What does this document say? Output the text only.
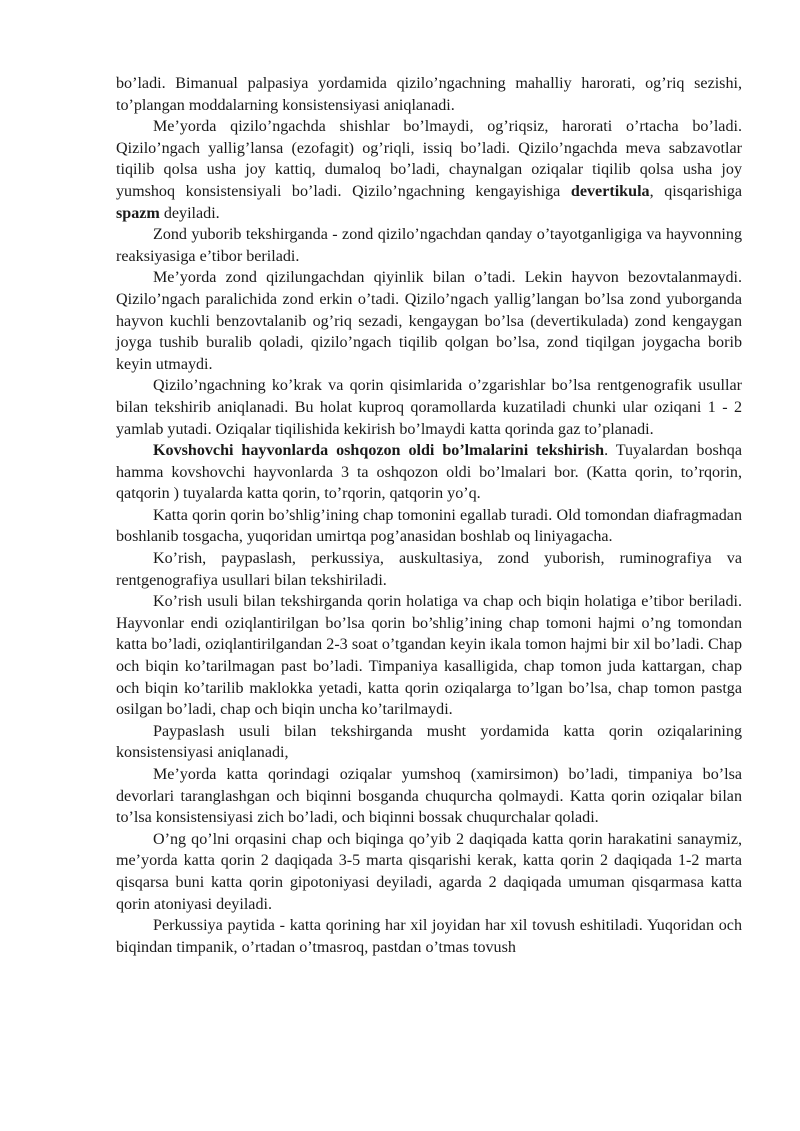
bo’ladi. Bimanual palpasiya yordamida qizilo’ngachning mahalliy harorati, og’riq sezishi, to’plangan moddalarning konsistensiyasi aniqlanadi.

Me’yorda qizilo’ngachda shishlar bo’lmaydi, og’riqsiz, harorati o’rtacha bo’ladi. Qizilo’ngach yallig’lansa (ezofagit) og’riqli, issiq bo’ladi. Qizilo’ngachda meva sabzavotlar tiqilib qolsa usha joy kattiq, dumaloq bo’ladi, chaynalgan oziqalar tiqilib qolsa usha joy yumshoq konsistensiyali bo’ladi. Qizilo’ngachning kengayishiga devertikula, qisqarishiga spazm deyiladi.

Zond yuborib tekshirganda - zond qizilo’ngachdan qanday o’tayotganligiga va hayvonning reaksiyasiga e’tibor beriladi.

Me’yorda zond qizilungachdan qiyinlik bilan o’tadi. Lekin hayvon bezovtalanmaydi. Qizilo’ngach paralichida zond erkin o’tadi. Qizilo’ngach yallig’langan bo’lsa zond yuborganda hayvon kuchli benzovtalanib og’riq sezadi, kengaygan bo’lsa (devertikulada) zond kengaygan joyga tushib buralib qoladi, qizilo’ngach tiqilib qolgan bo’lsa, zond tiqilgan joygacha borib keyin utmaydi.

Qizilo’ngachning ko’krak va qorin qisimlarida o’zgarishlar bo’lsa rentgenografik usullar bilan tekshirib aniqlanadi. Bu holat kuproq qoramollarda kuzatiladi chunki ular oziqani 1 - 2 yamlab yutadi. Oziqalar tiqilishida kekirish bo’lmaydi katta qorinda gaz to’planadi.

Kovshovchi hayvonlarda oshqozon oldi bo’lmalarini tekshirish. Tuyalardan boshqa hamma kovshovchi hayvonlarda 3 ta oshqozon oldi bo’lmalari bor. (Katta qorin, to’rqorin, qatqorin ) tuyalarda katta qorin, to’rqorin, qatqorin yo’q.

Katta qorin qorin bo’shlig’ining chap tomonini egallab turadi. Old tomondan diafragmadan boshlanib tosgacha, yuqoridan umirtqa pog’anasidan boshlab oq liniyagacha.

Ko’rish, paypaslash, perkussiya, auskultasiya, zond yuborish, ruminografiya va rentgenografiya usullari bilan tekshiriladi.

Ko’rish usuli bilan tekshirganda qorin holatiga va chap och biqin holatiga e’tibor beriladi. Hayvonlar endi oziqlantirilgan bo’lsa qorin bo’shlig’ining chap tomoni hajmi o’ng tomondan katta bo’ladi, oziqlantirilgandan 2-3 soat o’tgandan keyin ikala tomon hajmi bir xil bo’ladi. Chap och biqin ko’tarilmagan past bo’ladi. Timpaniya kasalligida, chap tomon juda kattargan, chap och biqin ko’tarilib maklokka yetadi, katta qorin oziqalarga to’lgan bo’lsa, chap tomon pastga osilgan bo’ladi, chap och biqin uncha ko’tarilmaydi.

Paypaslash usuli bilan tekshirganda musht yordamida katta qorin oziqalarining konsistensiyasi aniqlanadi,

Me’yorda katta qorindagi oziqalar yumshoq (xamirsimon) bo’ladi, timpaniya bo’lsa devorlari taranglashgan och biqinni bosganda chuqurcha qolmaydi. Katta qorin oziqalar bilan to’lsa konsistensiyasi zich bo’ladi, och biqinni bossak chuqurchalar qoladi.

O’ng qo’lni orqasini chap och biqinga qo’yib 2 daqiqada katta qorin harakatini sanaymiz, me’yorda katta qorin 2 daqiqada 3-5 marta qisqarishi kerak, katta qorin 2 daqiqada 1-2 marta qisqarsa buni katta qorin gipotoniyasi deyiladi, agarda 2 daqiqada umuman qisqarmasa katta qorin atoniyasi deyiladi.

Perkussiya paytida - katta qorining har xil joyidan har xil tovush eshitiladi. Yuqoridan och biqindan timpanik, o’rtadan o’tmasroq, pastdan o’tmas tovush
